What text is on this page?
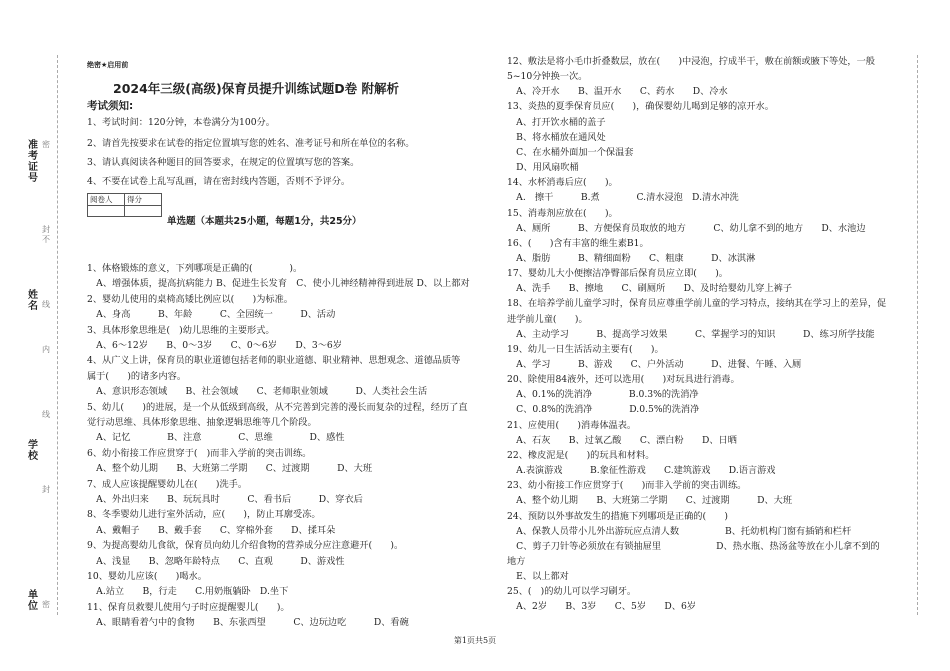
准考证号
姓名
学校
单位
密
封
线
不
内
线
封
密
绝密★启用前
2024年三级(高级)保育员提升训练试题D卷 附解析
考试须知:
1、考试时间：120分钟，本卷满分为100分。
2、请首先按要求在试卷的指定位置填写您的姓名、准考证号和所在单位的名称。
3、请认真阅读各种题目的回答要求，在规定的位置填写您的答案。
4、不要在试卷上乱写乱画，请在密封线内答题，否则不予评分。
阅卷人	得分

单选题（本题共25小题，每题1分，共25分）
1、体格锻炼的意义，下列哪项是正确的(　　　　)。
　A、增强体质，提高抗病能力 B、促进生长发育　C、使小儿神经精神得到进展 D、以上都对
2、婴幼儿使用的桌椅高矮比例应以(　　)为标准。
　A、身高　　　B、年龄　　　C、全园统一　　　D、活动
3、具体形象思维是(　)幼儿思维的主要形式。
　A、6～12岁　　B、0～3岁　　C、0～6岁　　D、3～6岁
4、从广义上讲，保育员的职业道德包括老师的职业道德、职业精神、思想观念、道德品质等
属于(　　)的诸多内容。
　A、意识形态领域　　B、社会领域　　C、老师职业领域　　　D、人类社会生活
5、幼儿(　　)的进展，是一个从低级到高级，从不完善到完善的漫长而复杂的过程，经历了直
觉行动思维、具体形象思维、抽象逻辑思维等几个阶段。
　A、记忆　　　　B、注意　　　　C、思维　　　　D、感性
6、幼小衔接工作应贯穿于(　)而非入学前的突击训练。
　A、整个幼儿期　　B、大班第二学期　　C、过渡期　　　D、大班
7、成人应该提醒婴幼儿在(　　)洗手。
　A、外出归来　　B、玩玩具时　　　C、看书后　　　D、穿衣后
8、冬季婴幼儿进行室外活动，应(　　)，防止耳廓受冻。
　A、戴帽子　　B、戴手套　　C、穿棉外套　　D、揉耳朵
9、为提高婴幼儿食欲，保育员向幼儿介绍食物的营养成分应注意避开(　　)。
　A、浅显　　B、忽略年龄特点　　C、直观　　　D、游戏性
10、婴幼儿应该(　　)喝水。
　A.站立　　B，行走　　C.用奶瓶躺卧　D.坐下
11、保育员救婴儿使用勺子时应提醒婴儿(　　)。
　A、眼睛看着勺中的食物　　B、东张西望　　　C、边玩边吃　　　D、看碗
12、敷法是将小毛巾折叠数层，放在(　　)中浸泡，拧成半干，敷在前额或腋下等处，一般
5~10分钟换一次。
　A、冷开水　　B、温开水　　C、药水　　D、冷水
13、炎热的夏季保育员应(　　)，确保婴幼儿喝到足够的凉开水。
　A、打开饮水桶的盖子
　B、将水桶放在通风处
　C、在水桶外面加一个保温套
　D、用风扇吹桶
14、水杯消毒后应(　　)。
　A.　擦干　　　B.煮　　　　C.清水浸泡　D.清水冲洗
15、消毒剂应放在(　　)。
　A、厕所　　　B、方便保育员取放的地方　　　C、幼儿拿不到的地方　　D、水池边
16、(　　)含有丰富的维生素B1。
　A、脂肪　　　B、精细面粉　　C、粗康　　　D、冰淇淋
17、婴幼儿大小便擦洁净臀部后保育员应立即(　　)。
　A、洗手　　B、擦地　　C、刷厕所　　D、及时给婴幼儿穿上裤子
18、在培养学前儿童学习时，保育员应尊重学前儿童的学习特点，接纳其在学习上的差异，促
进学前儿童(　　)。
　A、主动学习　　　B、提高学习效果　　　C、掌握学习的知识　　　D、练习所学技能
19、幼儿一日生活活动主要有(　　)。
　A、学习　　　B、游戏　　C、户外活动　　　D、进餐、午睡、入厕
20、除使用84液外，还可以选用(　　)对玩具进行消毒。
　A、0.1%的洗消净　　　　B.0.3%的洗消净
　C、0.8%的洗消净　　　　D.0.5%的洗消净
21、应使用(　　)消毒体温表。
　A、石灰　　B、过氧乙酸　　C、漂白粉　　D、日晒
22、橡皮泥是(　　)的玩具和材料。
　A.表演游戏　　　B.象征性游戏　　C.建筑游戏　　D.语言游戏
23、幼小衔接工作应贯穿于(　　)而非入学前的突击训练。
　A、整个幼儿期　　B、大班第二学期　　C、过渡期　　　D、大班
24、预防以外事故发生的措施下列哪项是正确的(　　)
　A、保教人员带小儿外出游玩应点清人数　　　　　B、托幼机构门窗有插销和栏杆
　C、剪子刀针等必须放在有锁抽屉里　　　　　　D、热水瓶、热汤盆等放在小儿拿不到的
地方
　E、以上都对
25、(　)的幼儿可以学习刷牙。
　A、2岁　　B、3岁　　C、5岁　　D、6岁
第1页共5页
